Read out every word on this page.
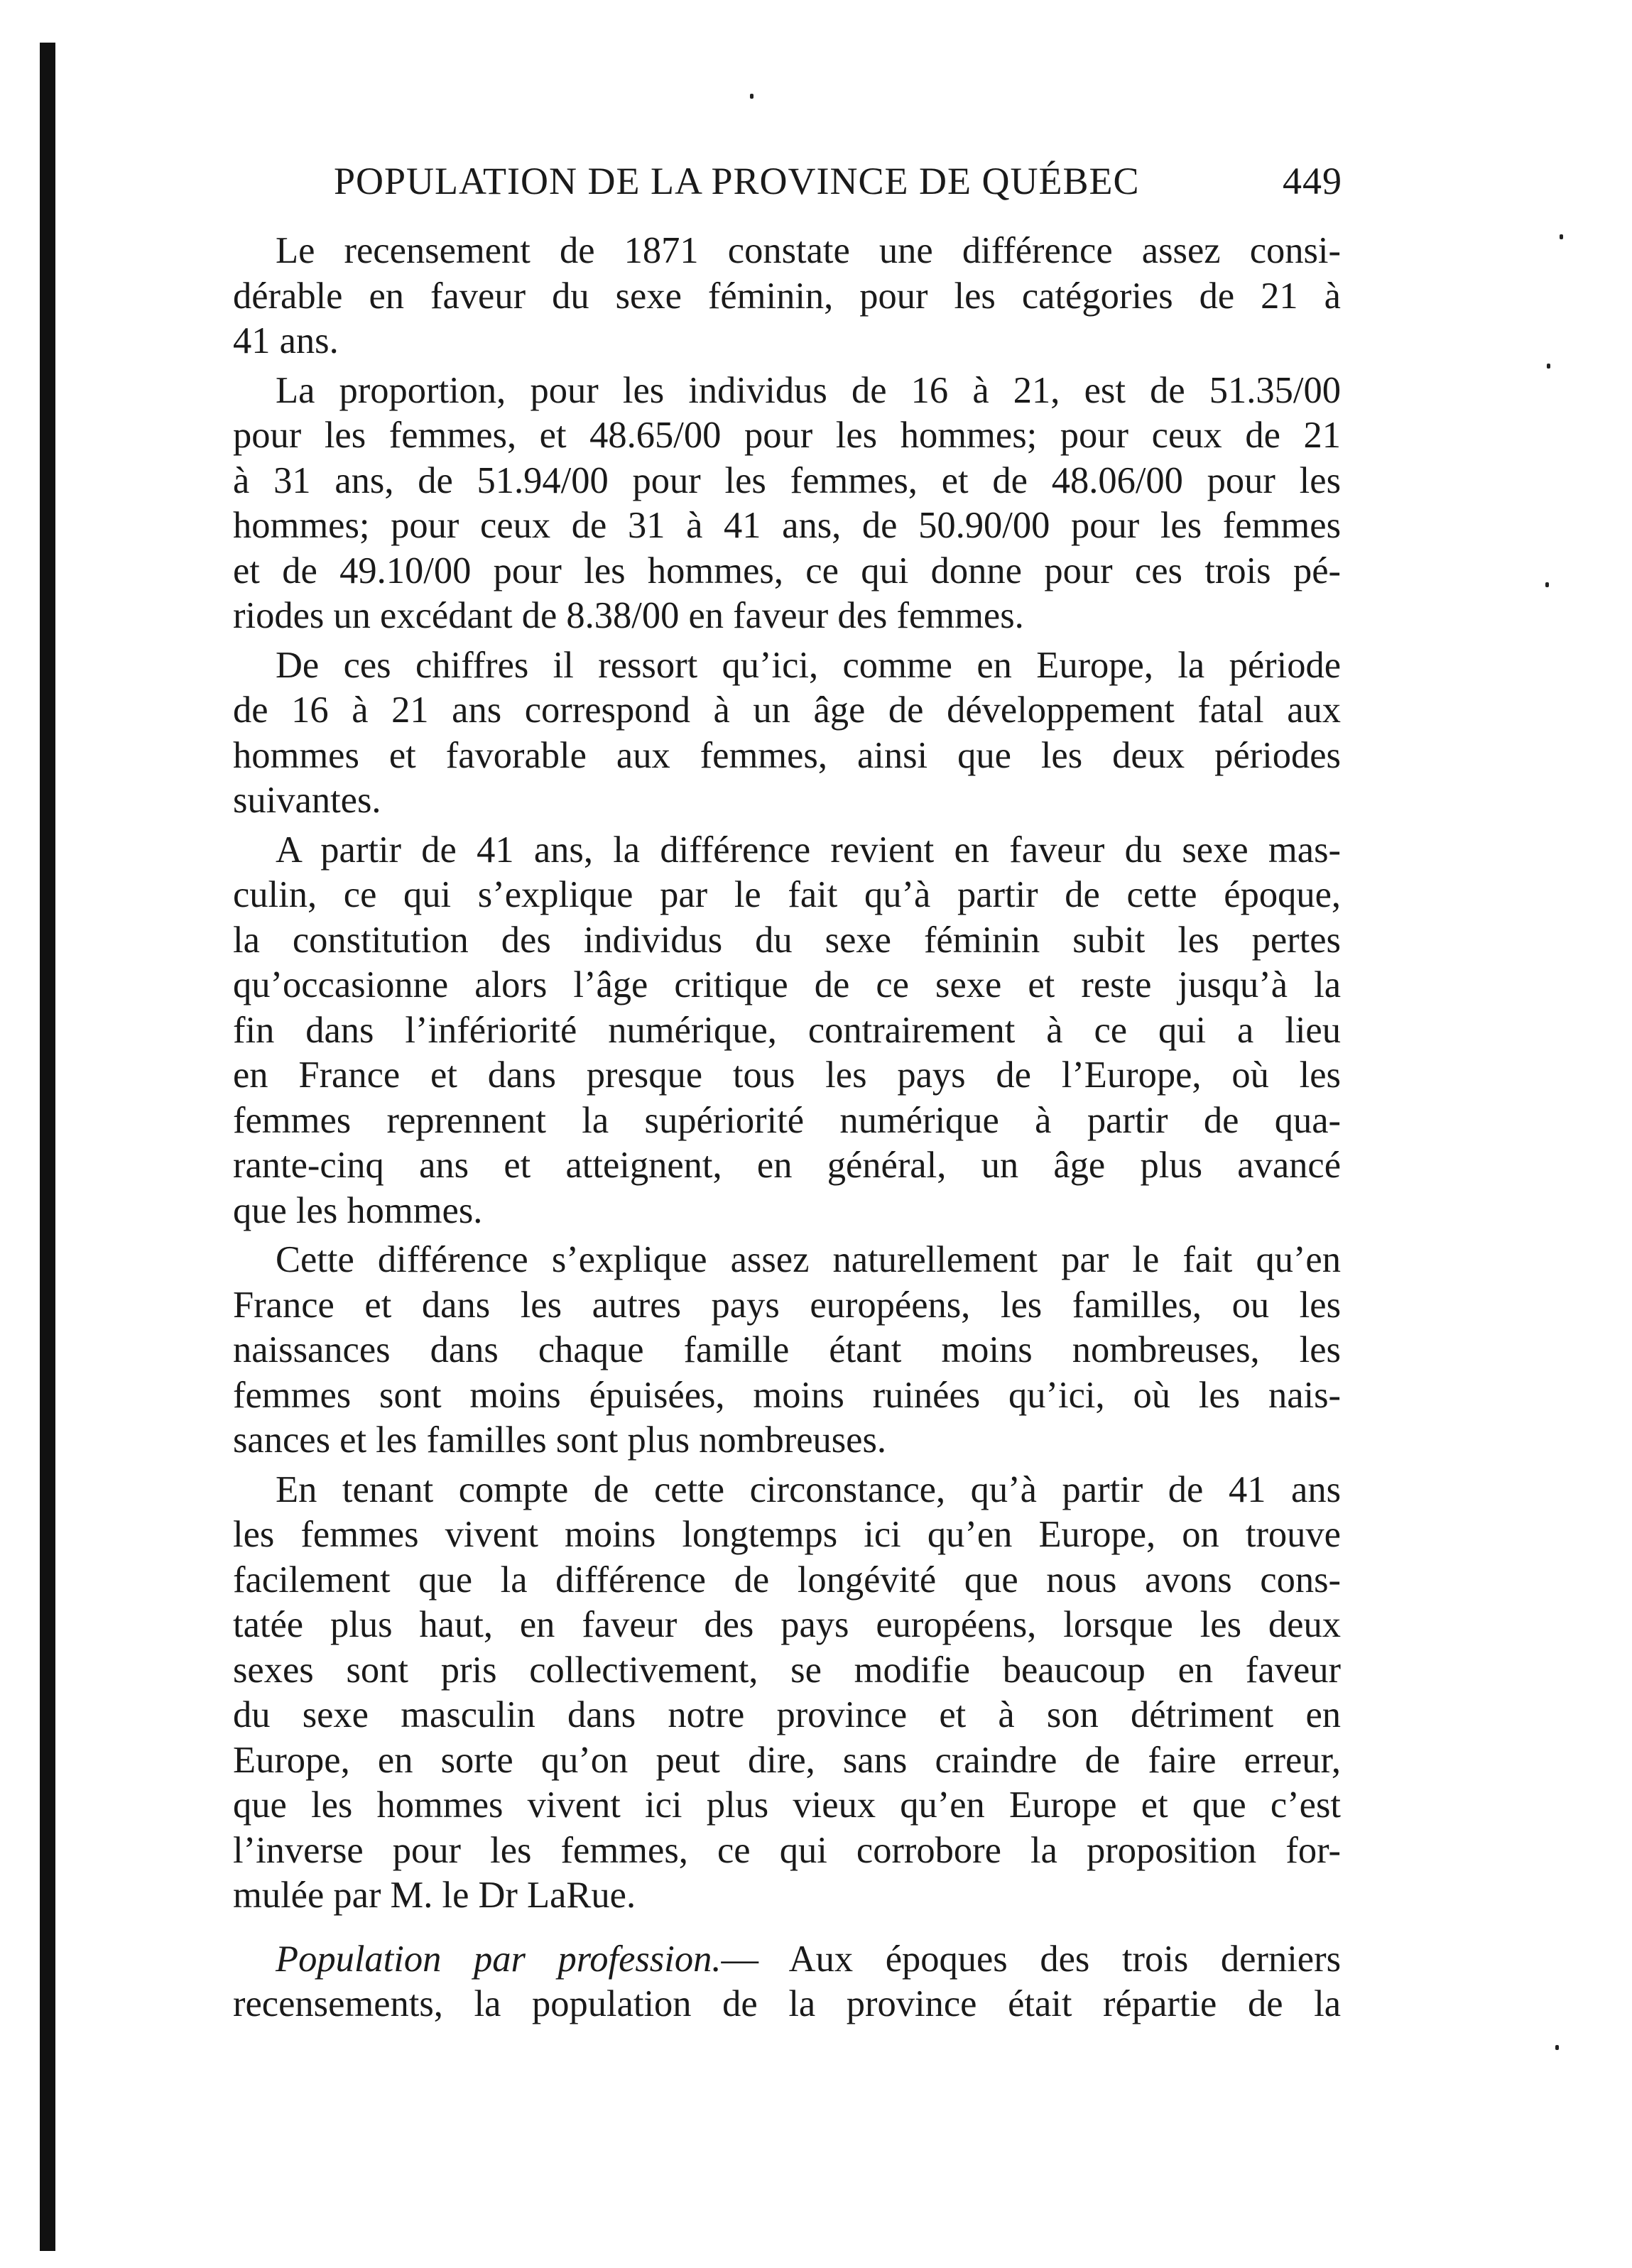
POPULATION DE LA PROVINCE DE QUÉBEC	449
Le recensement de 1871 constate une différence assez consi-
dérable en faveur du sexe féminin, pour les catégories de 21 à
41 ans.
La proportion, pour les individus de 16 à 21, est de 51.35/00
pour les femmes, et 48.65/00 pour les hommes; pour ceux de 21
à 31 ans, de 51.94/00 pour les femmes, et de 48.06/00 pour les
hommes; pour ceux de 31 à 41 ans, de 50.90/00 pour les femmes
et de 49.10/00 pour les hommes, ce qui donne pour ces trois pé-
riodes un excédant de 8.38/00 en faveur des femmes.
De ces chiffres il ressort qu’ici, comme en Europe, la période
de 16 à 21 ans correspond à un âge de développement fatal aux
hommes et favorable aux femmes, ainsi que les deux périodes
suivantes.
A partir de 41 ans, la différence revient en faveur du sexe mas-
culin, ce qui s’explique par le fait qu’à partir de cette époque,
la constitution des individus du sexe féminin subit les pertes
qu’occasionne alors l’âge critique de ce sexe et reste jusqu’à la
fin dans l’infériorité numérique, contrairement à ce qui a lieu
en France et dans presque tous les pays de l’Europe, où les
femmes reprennent la supériorité numérique à partir de qua-
rante-cinq ans et atteignent, en général, un âge plus avancé
que les hommes.
Cette différence s’explique assez naturellement par le fait qu’en
France et dans les autres pays européens, les familles, ou les
naissances dans chaque famille étant moins nombreuses, les
femmes sont moins épuisées, moins ruinées qu’ici, où les nais-
sances et les familles sont plus nombreuses.
En tenant compte de cette circonstance, qu’à partir de 41 ans
les femmes vivent moins longtemps ici qu’en Europe, on trouve
facilement que la différence de longévité que nous avons cons-
tatée plus haut, en faveur des pays européens, lorsque les deux
sexes sont pris collectivement, se modifie beaucoup en faveur
du sexe masculin dans notre province et à son détriment en
Europe, en sorte qu’on peut dire, sans craindre de faire erreur,
que les hommes vivent ici plus vieux qu’en Europe et que c’est
l’inverse pour les femmes, ce qui corrobore la proposition for-
mulée par M. le Dr LaRue.
Population par profession.— Aux époques des trois derniers
recensements, la population de la province était répartie de la
